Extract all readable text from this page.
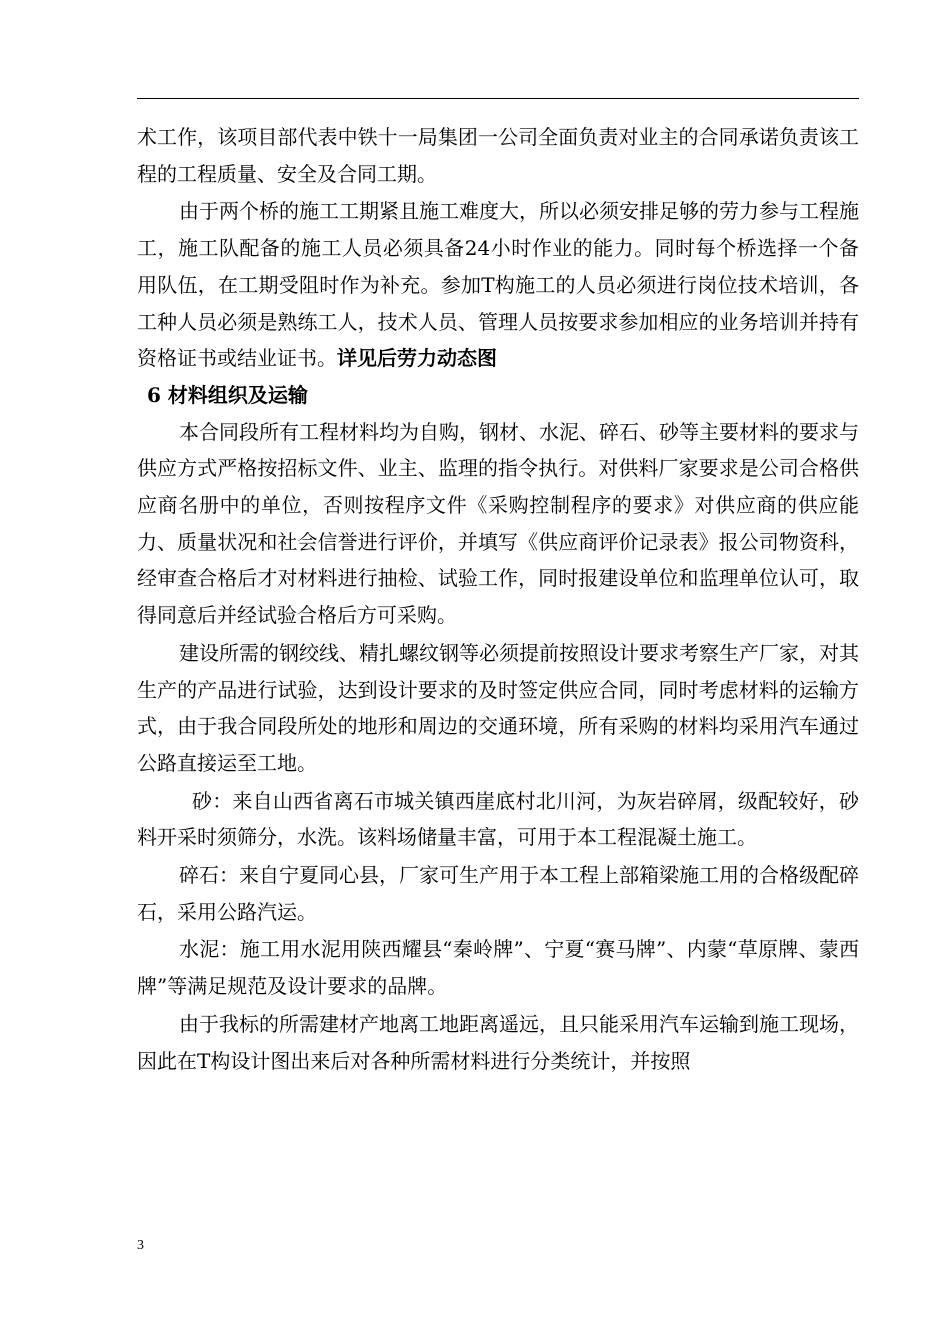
术工作，该项目部代表中铁十一局集团一公司全面负责对业主的合同承诺负责该工程的工程质量、安全及合同工期。

由于两个桥的施工工期紧且施工难度大，所以必须安排足够的劳力参与工程施工，施工队配备的施工人员必须具备24小时作业的能力。同时每个桥选择一个备用队伍，在工期受阻时作为补充。参加T构施工的人员必须进行岗位技术培训，各工种人员必须是熟练工人，技术人员、管理人员按要求参加相应的业务培训并持有资格证书或结业证书。详见后劳力动态图

6 材料组织及运输

本合同段所有工程材料均为自购，钢材、水泥、碎石、砂等主要材料的要求与供应方式严格按招标文件、业主、监理的指令执行。对供料厂家要求是公司合格供应商名册中的单位，否则按程序文件《采购控制程序的要求》对供应商的供应能力、质量状况和社会信誉进行评价，并填写《供应商评价记录表》报公司物资科，经审查合格后才对材料进行抽检、试验工作，同时报建设单位和监理单位认可，取得同意后并经试验合格后方可采购。

建设所需的钢绞线、精扎螺纹钢等必须提前按照设计要求考察生产厂家，对其生产的产品进行试验，达到设计要求的及时签定供应合同，同时考虑材料的运输方式，由于我合同段所处的地形和周边的交通环境，所有采购的材料均采用汽车通过公路直接运至工地。

砂：来自山西省离石市城关镇西崖底村北川河，为灰岩碎屑，级配较好，砂料开采时须筛分，水洗。该料场储量丰富，可用于本工程混凝土施工。

碎石：来自宁夏同心县，厂家可生产用于本工程上部箱梁施工用的合格级配碎石，采用公路汽运。

水泥：施工用水泥用陕西耀县“秦岭牌”、宁夏“赛马牌”、内蒙“草原牌、蒙西牌”等满足规范及设计要求的品牌。

由于我标的所需建材产地离工地距离遥远，且只能采用汽车运输到施工现场，因此在T构设计图出来后对各种所需材料进行分类统计，并按照

3
